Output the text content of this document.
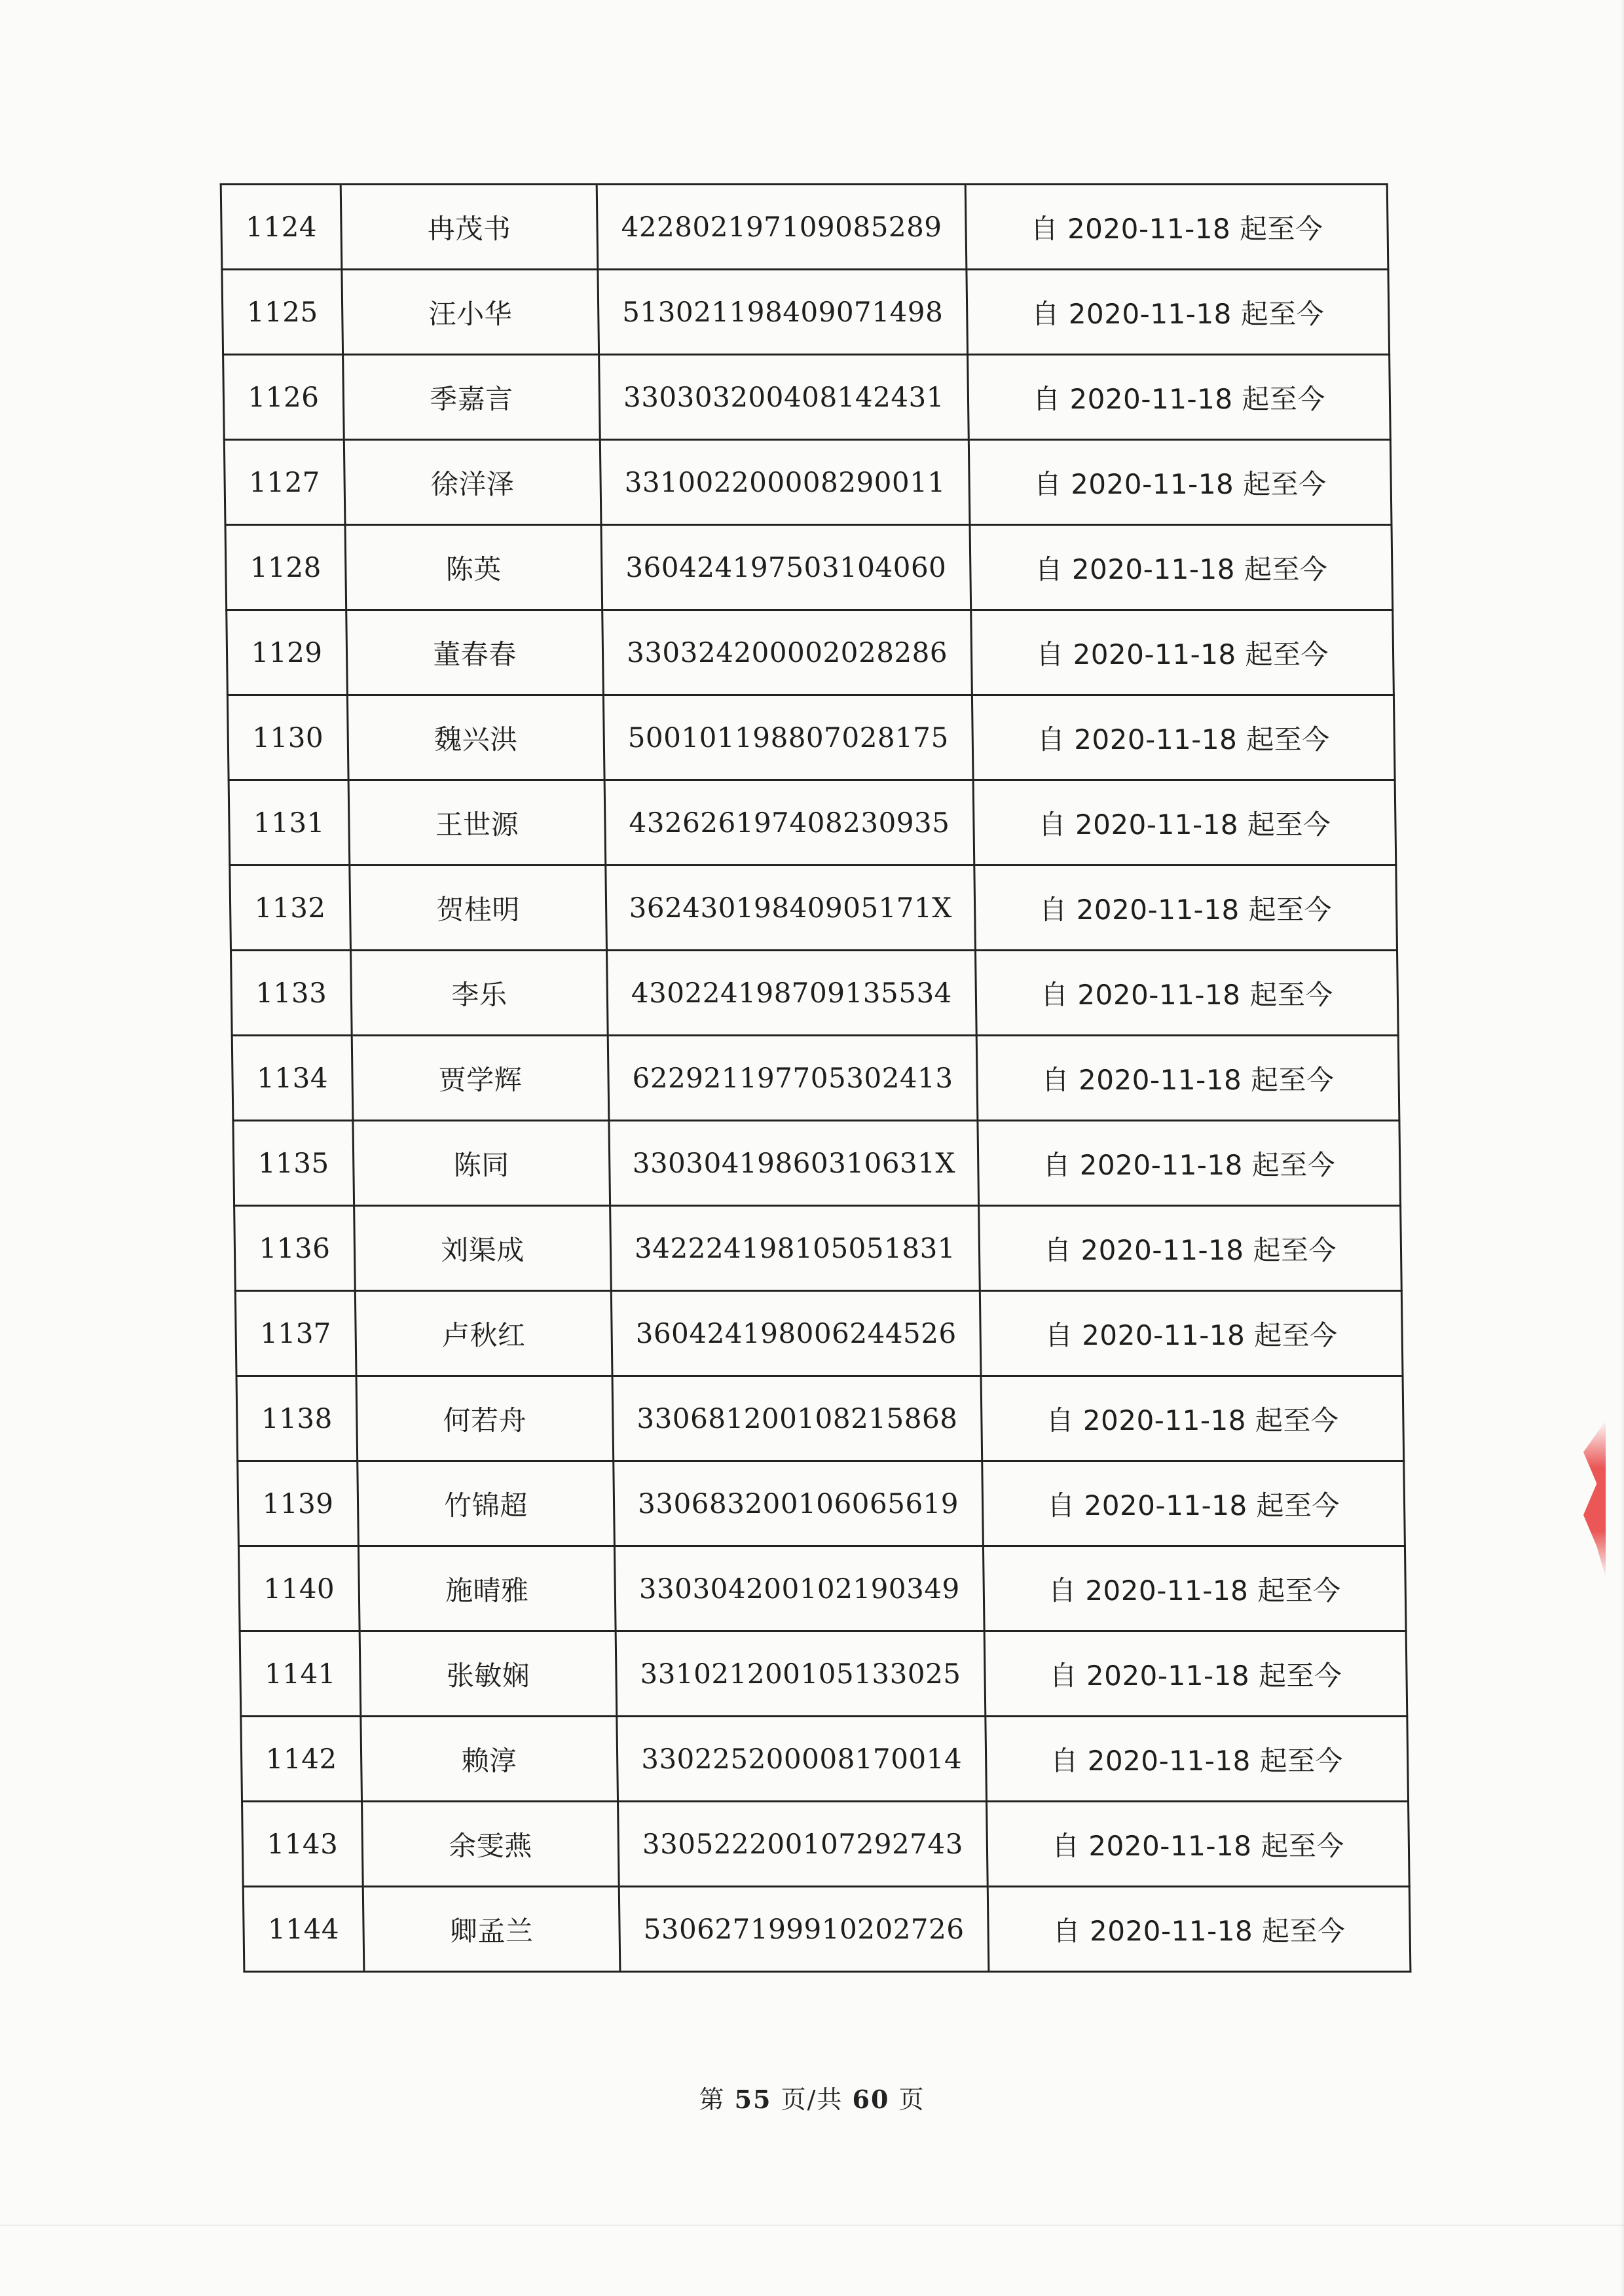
1124	冉茂书	422802197109085289	自 2020-11-18 起至今
1125	汪小华	513021198409071498	自 2020-11-18 起至今
1126	季嘉言	330303200408142431	自 2020-11-18 起至今
1127	徐洋泽	331002200008290011	自 2020-11-18 起至今
1128	陈英	360424197503104060	自 2020-11-18 起至今
1129	董春春	330324200002028286	自 2020-11-18 起至今
1130	魏兴洪	500101198807028175	自 2020-11-18 起至今
1131	王世源	432626197408230935	自 2020-11-18 起至今
1132	贺桂明	36243019840905171X	自 2020-11-18 起至今
1133	李乐	430224198709135534	自 2020-11-18 起至今
1134	贾学辉	622921197705302413	自 2020-11-18 起至今
1135	陈同	33030419860310631X	自 2020-11-18 起至今
1136	刘渠成	342224198105051831	自 2020-11-18 起至今
1137	卢秋红	360424198006244526	自 2020-11-18 起至今
1138	何若舟	330681200108215868	自 2020-11-18 起至今
1139	竹锦超	330683200106065619	自 2020-11-18 起至今
1140	施晴雅	330304200102190349	自 2020-11-18 起至今
1141	张敏娴	331021200105133025	自 2020-11-18 起至今
1142	赖淳	330225200008170014	自 2020-11-18 起至今
1143	余雯燕	330522200107292743	自 2020-11-18 起至今
1144	卿孟兰	530627199910202726	自 2020-11-18 起至今
第 55 页/共 60 页
